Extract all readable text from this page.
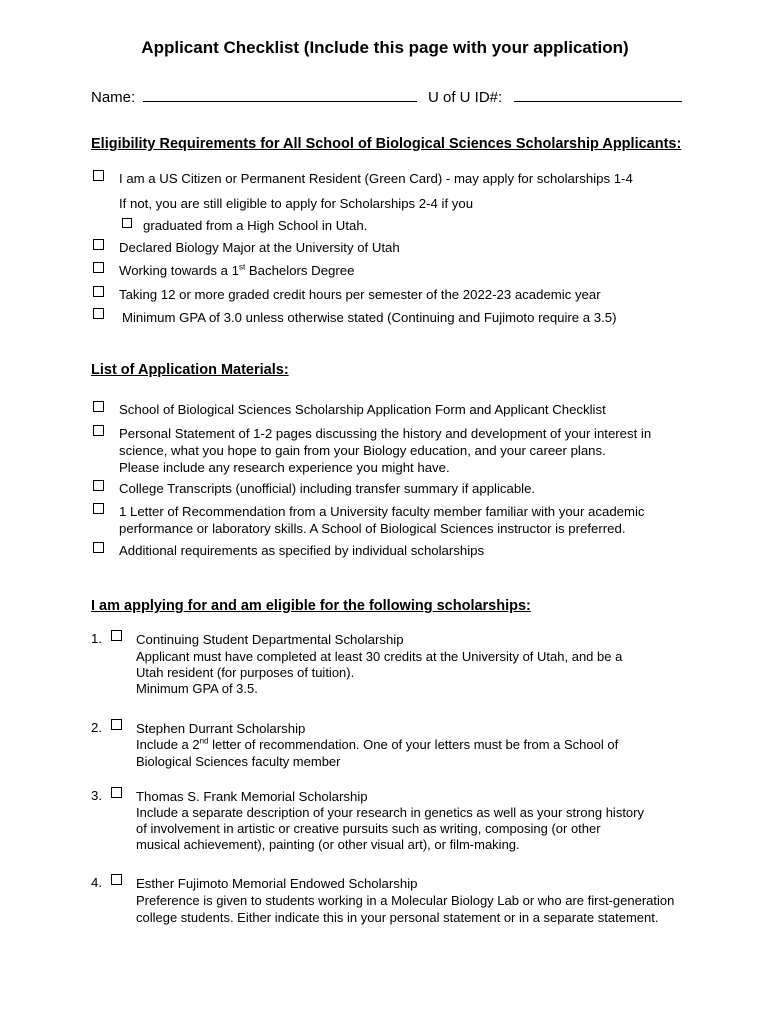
Applicant Checklist (Include this page with your application)
Name:	U of U ID#:
Eligibility Requirements for All School of Biological Sciences Scholarship Applicants:
I am a US Citizen or Permanent Resident (Green Card) - may apply for scholarships 1-4
If not, you are still eligible to apply for Scholarships 2-4 if you
graduated from a High School in Utah.
Declared Biology Major at the University of Utah
Working towards a 1st Bachelors Degree
Taking 12 or more graded credit hours per semester of the 2022-23 academic year
Minimum GPA of 3.0 unless otherwise stated (Continuing and Fujimoto require a 3.5)
List of Application Materials:
School of Biological Sciences Scholarship Application Form and Applicant Checklist
Personal Statement of 1-2 pages discussing the history and development of your interest in
science, what you hope to gain from your Biology education, and your career plans.
Please include any research experience you might have.
College Transcripts (unofficial) including transfer summary if applicable.
1 Letter of Recommendation from a University faculty member familiar with your academic
performance or laboratory skills. A School of Biological Sciences instructor is preferred.
Additional requirements as specified by individual scholarships
I am applying for and am eligible for the following scholarships:
1.	Continuing Student Departmental Scholarship
Applicant must have completed at least 30 credits at the University of Utah, and be a
Utah resident (for purposes of tuition).
Minimum GPA of 3.5.
2.	Stephen Durrant Scholarship
Include a 2nd letter of recommendation. One of your letters must be from a School of
Biological Sciences faculty member
3.	Thomas S. Frank Memorial Scholarship
Include a separate description of your research in genetics as well as your strong history
of involvement in artistic or creative pursuits such as writing, composing (or other
musical achievement), painting (or other visual art), or film-making.
4.	Esther Fujimoto Memorial Endowed Scholarship
Preference is given to students working in a Molecular Biology Lab or who are first-generation
college students. Either indicate this in your personal statement or in a separate statement.
